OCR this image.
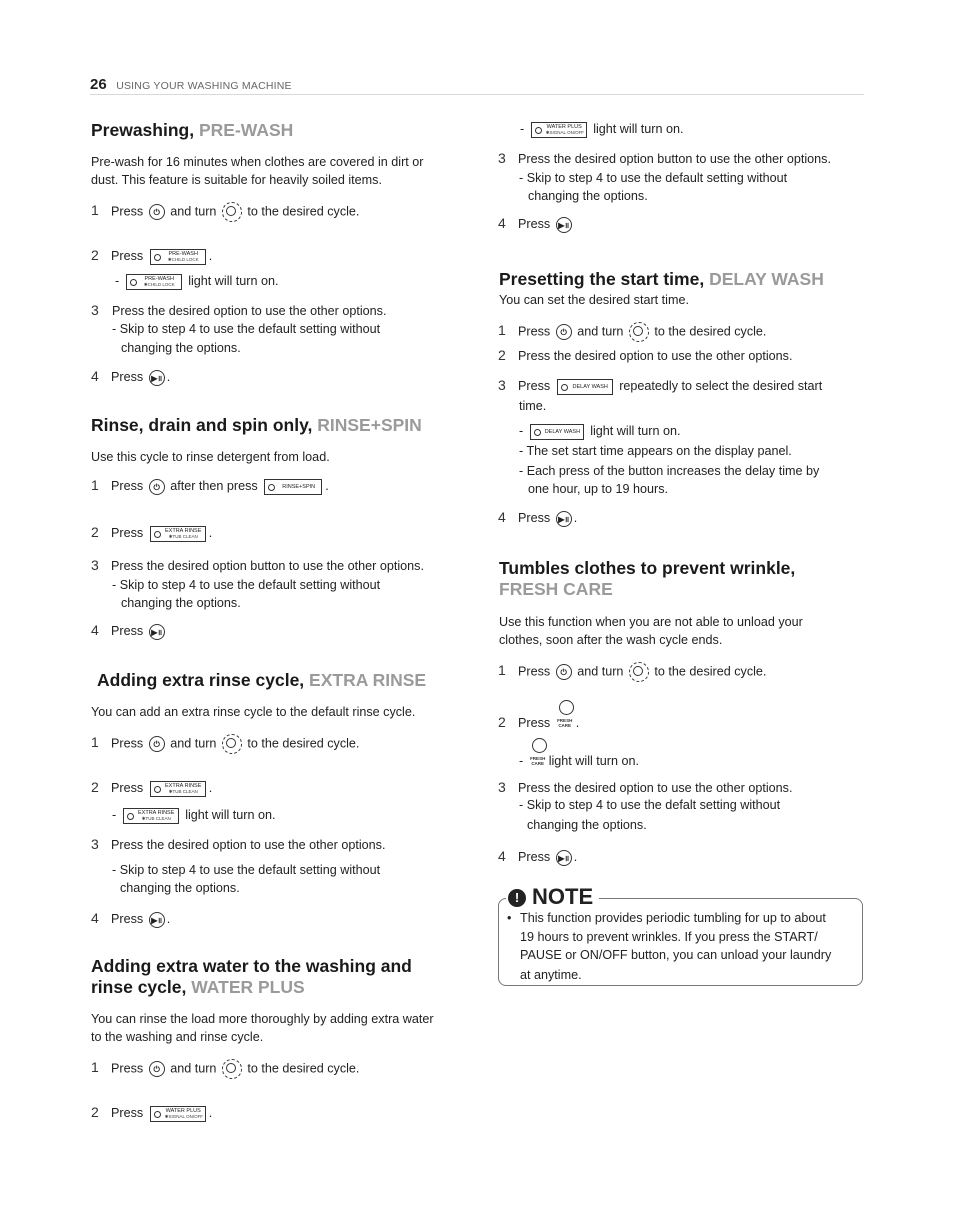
26 USING YOUR WASHING MACHINE
Prewashing, PRE-WASH
Pre-wash for 16 minutes when clothes are covered in dirt or
dust. This feature is suitable for heavily soiled items.
1 Press ⏻ and turn to the desired cycle.
2 Press	PRE-WASH
✱CHILD LOCK .
-	PRE-WASH
✱CHILD LOCK light will turn on.
3 Press the desired option to use the other options.
- Skip to step 4 to use the default setting without
changing the options.
4 Press ▶॥ .
Rinse, drain and spin only, RINSE+SPIN
Use this cycle to rinse detergent from load.
1 Press ⏻ after then press	RINSE+SPIN .
2 Press	EXTRA RINSE
✱TUB CLEAN .
3 Press the desired option button to use the other options.
- Skip to step 4 to use the default setting without
changing the options.
4 Press ▶॥
Adding extra rinse cycle, EXTRA RINSE
You can add an extra rinse cycle to the default rinse cycle.
1 Press ⏻ and turn to the desired cycle.
2 Press	EXTRA RINSE
✱TUB CLEAN .
-	EXTRA RINSE
✱TUB CLEAN	light will turn on.
3 Press the desired option to use the other options.
- Skip to step 4 to use the default setting without
changing the options.
4 Press ▶॥ .
Adding extra water to the washing and
rinse cycle, WATER PLUS
You can rinse the load more thoroughly by adding extra water
to the washing and rinse cycle.
1 Press ⏻ and turn to the desired cycle.
2 Press	WATER PLUS
✱SIGNAL ON/OFF .
-	WATER PLUS
✱SIGNAL ON/OFF light will turn on.
3 Press the desired option button to use the other options.
- Skip to step 4 to use the default setting without
changing the options.
4 Press ▶॥
Presetting the start time, DELAY WASH
You can set the desired start time.
1 Press ⏻ and turn to the desired cycle.
2 Press the desired option to use the other options.
3 Press	DELAY WASH repeatedly to select the desired start
time.
-	DELAY WASH light will turn on.
- The set start time appears on the display panel.
- Each press of the button increases the delay time by
one hour, up to 19 hours.
4 Press ▶॥ .
Tumbles clothes to prevent wrinkle,
FRESH CARE
Use this function when you are not able to unload your
clothes, soon after the wash cycle ends.
1 Press ⏻ and turn to the desired cycle.
2 Press	FRESH
CARE .
-	FRESH
CARE light will turn on.
3 Press the desired option to use the other options.
- Skip to step 4 to use the defalt setting without
changing the options.
4 Press ▶॥ .
! NOTE
• This function provides periodic tumbling for up to about
19 hours to prevent wrinkles. If you press the START/
PAUSE or ON/OFF button, you can unload your laundry
at anytime.
